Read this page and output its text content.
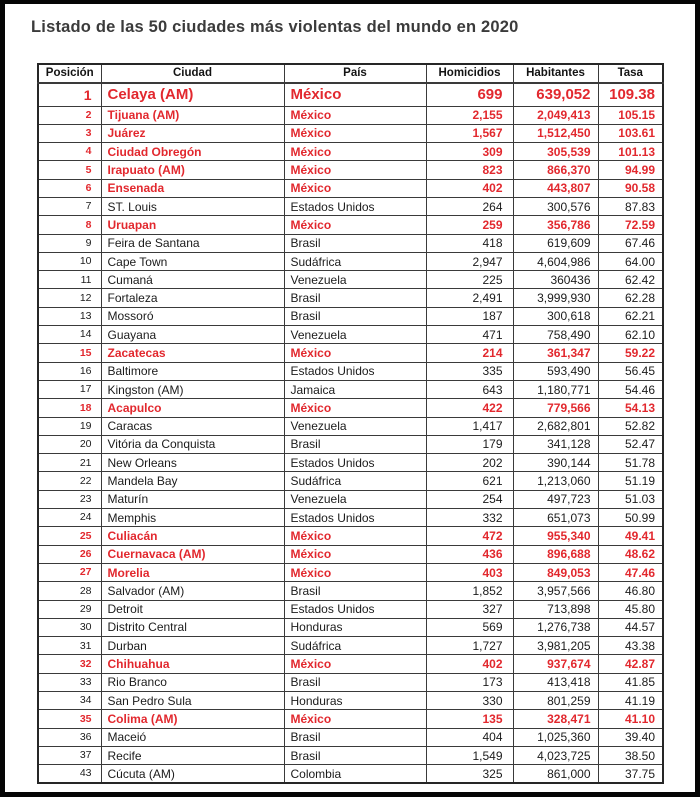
Listado de las 50 ciudades más violentas del mundo en 2020
Posición	Ciudad	País	Homicidios	Habitantes	Tasa
1	Celaya (AM)	México	699	639,052	109.38
2	Tijuana (AM)	México	2,155	2,049,413	105.15
3	Juárez	México	1,567	1,512,450	103.61
4	Ciudad Obregón	México	309	305,539	101.13
5	Irapuato (AM)	México	823	866,370	94.99
6	Ensenada	México	402	443,807	90.58
7	ST. Louis	Estados Unidos	264	300,576	87.83
8	Uruapan	México	259	356,786	72.59
9	Feira de Santana	Brasil	418	619,609	67.46
10	Cape Town	Sudáfrica	2,947	4,604,986	64.00
11	Cumaná	Venezuela	225	360436	62.42
12	Fortaleza	Brasil	2,491	3,999,930	62.28
13	Mossoró	Brasil	187	300,618	62.21
14	Guayana	Venezuela	471	758,490	62.10
15	Zacatecas	México	214	361,347	59.22
16	Baltimore	Estados Unidos	335	593,490	56.45
17	Kingston (AM)	Jamaica	643	1,180,771	54.46
18	Acapulco	México	422	779,566	54.13
19	Caracas	Venezuela	1,417	2,682,801	52.82
20	Vitória da Conquista	Brasil	179	341,128	52.47
21	New Orleans	Estados Unidos	202	390,144	51.78
22	Mandela Bay	Sudáfrica	621	1,213,060	51.19
23	Maturín	Venezuela	254	497,723	51.03
24	Memphis	Estados Unidos	332	651,073	50.99
25	Culiacán	México	472	955,340	49.41
26	Cuernavaca (AM)	México	436	896,688	48.62
27	Morelia	México	403	849,053	47.46
28	Salvador (AM)	Brasil	1,852	3,957,566	46.80
29	Detroit	Estados Unidos	327	713,898	45.80
30	Distrito Central	Honduras	569	1,276,738	44.57
31	Durban	Sudáfrica	1,727	3,981,205	43.38
32	Chihuahua	México	402	937,674	42.87
33	Rio Branco	Brasil	173	413,418	41.85
34	San Pedro Sula	Honduras	330	801,259	41.19
35	Colima (AM)	México	135	328,471	41.10
36	Maceió	Brasil	404	1,025,360	39.40
37	Recife	Brasil	1,549	4,023,725	38.50
43	Cúcuta (AM)	Colombia	325	861,000	37.75
